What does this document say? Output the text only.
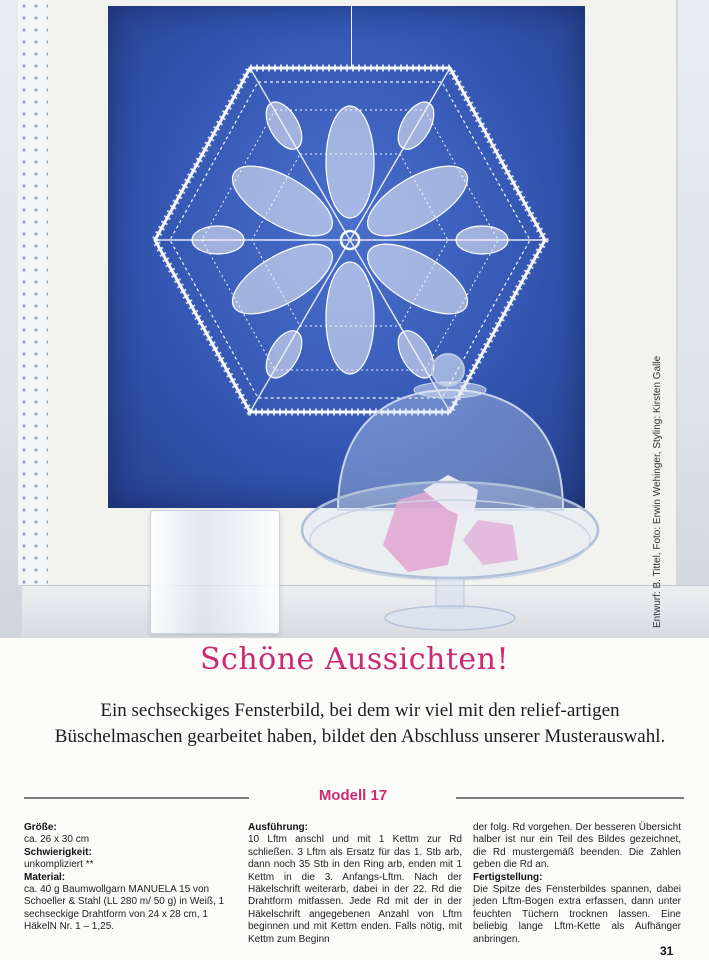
Entwurf: B. Tittel, Foto: Erwin Wehinger, Styling: Kirsten Galle
Schöne Aussichten!

Ein sechseckiges Fensterbild, bei dem wir viel mit den relief-artigen Büschelmaschen gearbeitet haben, bildet den Abschluss unserer Musterauswahl.

Modell 17

Größe:

ca. 26 x 30 cm

Schwierigkeit:

unkompliziert **

Material:

ca. 40 g Baumwollgarn MANUELA 15 von Schoeller & Stahl (LL 280 m/ 50 g) in Weiß, 1 sechseckige Drahtform von 24 x 28 cm, 1 HäkelN Nr. 1 – 1,25.

Ausführung:

10 Lftm anschl und mit 1 Kettm zur Rd schließen. 3 Lftm als Ersatz für das 1. Stb arb, dann noch 35 Stb in den Ring arb, enden mit 1 Kettm in die 3. Anfangs-Lftm. Nach der Häkelschrift weiterarb, dabei in der 22. Rd die Drahtform mitfassen. Jede Rd mit der in der Häkelschrift angegebenen Anzahl von Lftm beginnen und mit Kettm enden. Falls nötig, mit Kettm zum Beginn

der folg. Rd vorgehen. Der besseren Übersicht halber ist nur ein Teil des Bildes gezeichnet, die Rd mustergemäß beenden. Die Zahlen geben die Rd an.

Fertigstellung:

Die Spitze des Fensterbildes spannen, dabei jeden Lftm-Bogen extra erfassen, dann unter feuchten Tüchern trocknen lassen. Eine beliebig lange Lftm-Kette als Aufhänger anbringen.

31
